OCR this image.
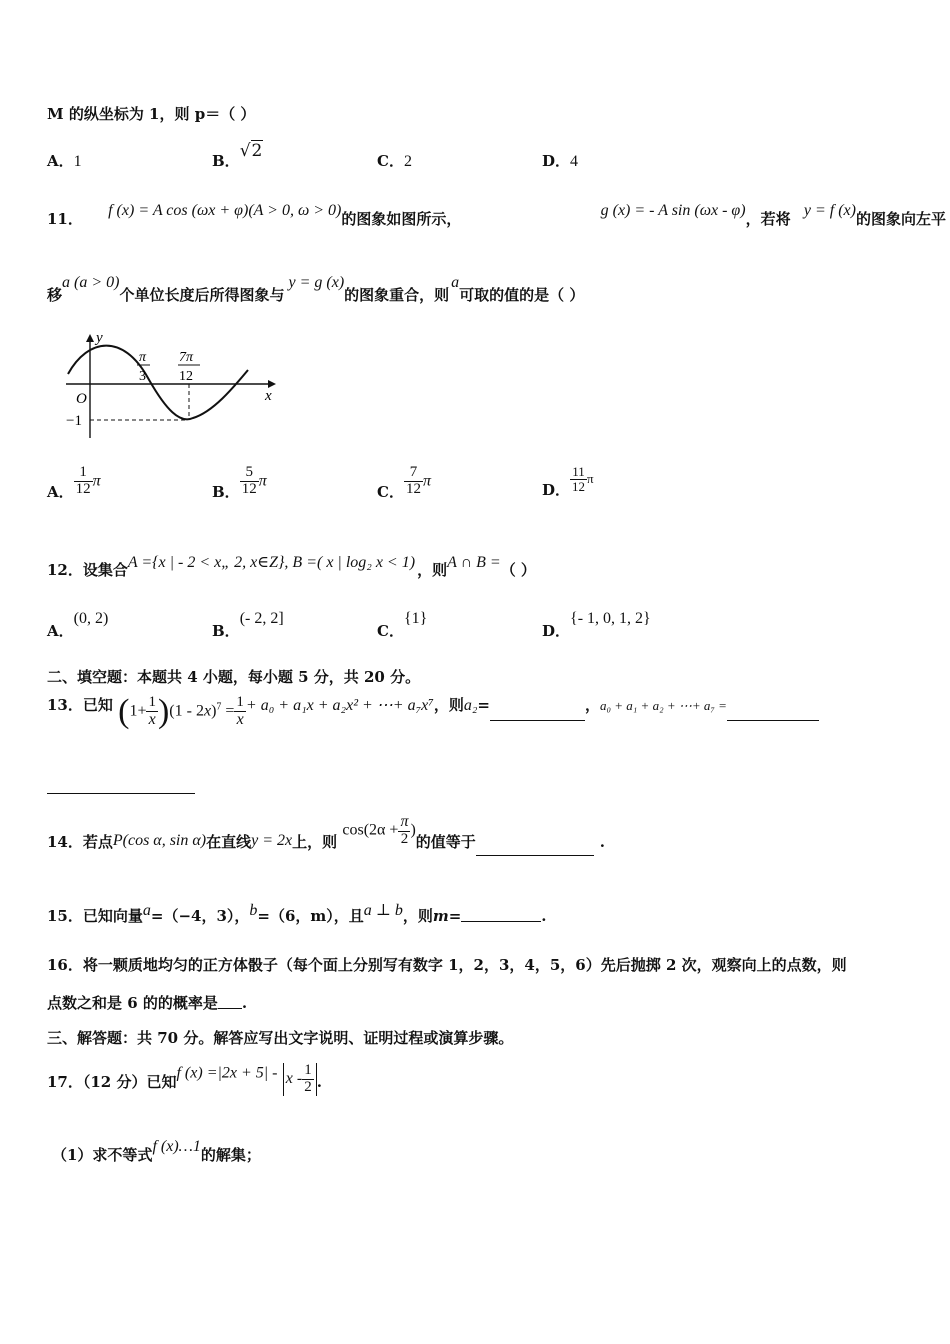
M 的纵坐标为 1，则 p＝（ ）
A．1	B．√2	C．2	D．4
11． f (x) = A cos (ωx + φ)(A > 0, ω > 0)的图象如图所示，	g (x) = - A sin (ωx - φ)，若将 y = f (x)的图象向左平
移a (a > 0)个单位长度后所得图象与y = g (x)的图象重合，则a可取的值的是（ ）
y
x
O
−1
π
3
7π
12
A． $\frac{1}{12}$ π
B． $\frac{5}{12}$ π
C． $\frac{7}{12}$ π
D． $\frac{11}{12}$ π
12．设集合A ={x | - 2 < x„ 2, x∈Z}, B =( x | log₂ x < 1) ，则A ∩ B =（ ）
A．(0, 2)
B．(- 2, 2]
C．{1}
D．{- 1, 0, 1, 2}
二、填空题：本题共 4 小题，每小题 5 分，共 20 分。
13．已知 $(1+ \frac{1}{x} )(1 - 2x)^7 = \frac{1}{x} + a_0 + a_1x + a_2x^2$ + ⋯+ a₇x⁷，则a₂=	，a₀ + a₁ + a₂ + ⋯+ a₇ =
14．若点P(cos α, sin α)在直线y = 2x上，则 $\cos(2\alpha + \frac{\pi}{2}$ )的值等于	.
15．已知向量a=（−4，3），b=（6，m），且a ⊥ b，则m=	.
16．将一颗质地均匀的正方体骰子（每个面上分别写有数字 1，2，3，4，5，6）先后抛掷 2 次，观察向上的点数，则
点数之和是 6 的的概率是 .
三、解答题：共 70 分。解答应写出文字说明、证明过程或演算步骤。
17．（12 分）已知f $(x) =|2x + 5| - x - \frac{1}{2}$ .
（1）求不等式f (x)…1的解集；
